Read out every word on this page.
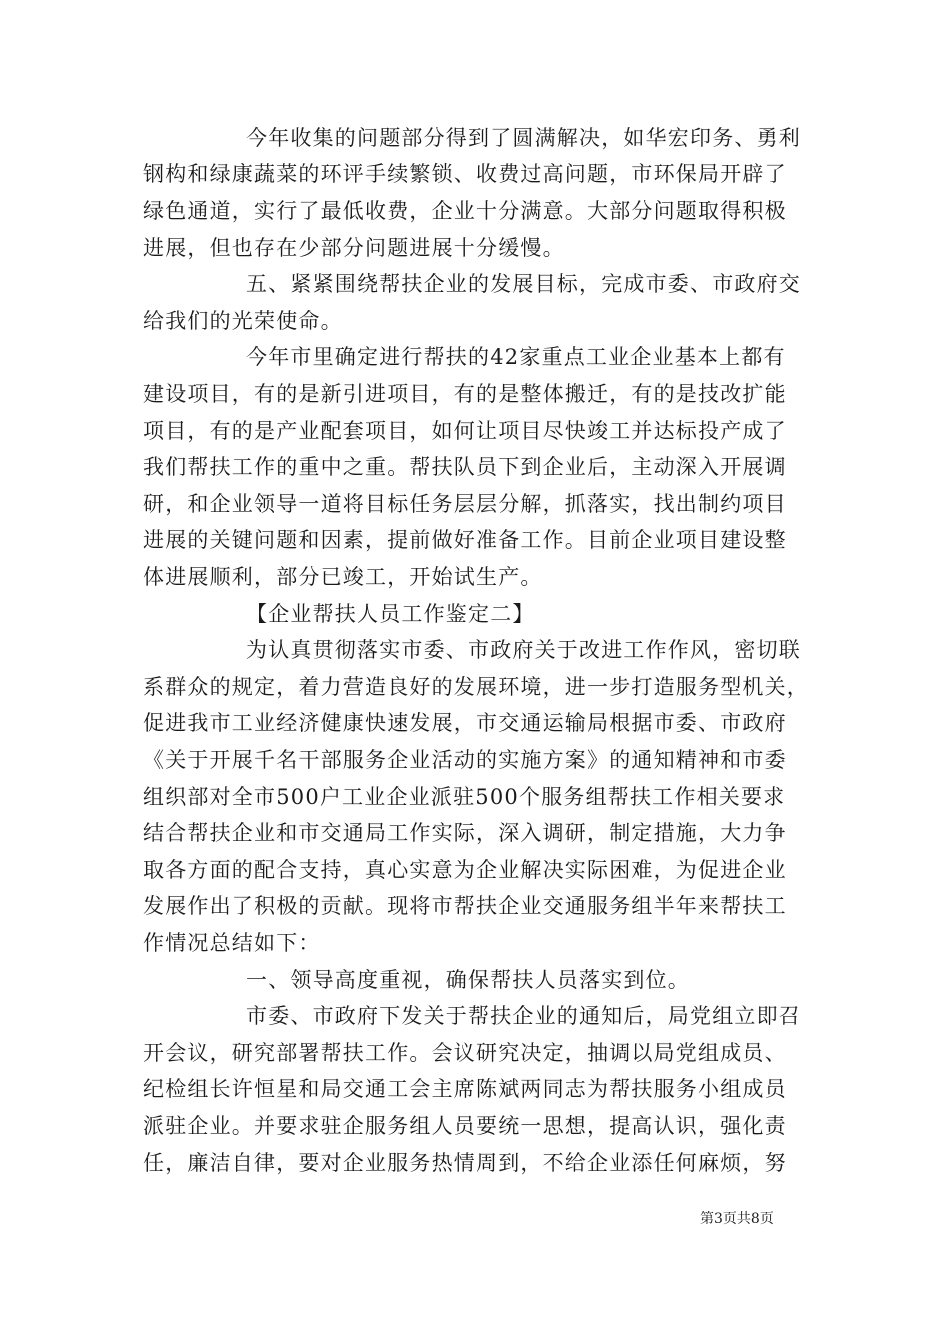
今年收集的问题部分得到了圆满解决，如华宏印务、勇利
钢构和绿康蔬菜的环评手续繁锁、收费过高问题，市环保局开辟了
绿色通道，实行了最低收费，企业十分满意。大部分问题取得积极
进展，但也存在少部分问题进展十分缓慢。
五、紧紧围绕帮扶企业的发展目标，完成市委、市政府交
给我们的光荣使命。
今年市里确定进行帮扶的42家重点工业企业基本上都有
建设项目，有的是新引进项目，有的是整体搬迁，有的是技改扩能
项目，有的是产业配套项目，如何让项目尽快竣工并达标投产成了
我们帮扶工作的重中之重。帮扶队员下到企业后，主动深入开展调
研，和企业领导一道将目标任务层层分解，抓落实，找出制约项目
进展的关键问题和因素，提前做好准备工作。目前企业项目建设整
体进展顺利，部分已竣工，开始试生产。
【企业帮扶人员工作鉴定二】
为认真贯彻落实市委、市政府关于改进工作作风，密切联
系群众的规定，着力营造良好的发展环境，进一步打造服务型机关，
促进我市工业经济健康快速发展，市交通运输局根据市委、市政府
《关于开展千名干部服务企业活动的实施方案》的通知精神和市委
组织部对全市500户工业企业派驻500个服务组帮扶工作相关要求
结合帮扶企业和市交通局工作实际，深入调研，制定措施，大力争
取各方面的配合支持，真心实意为企业解决实际困难，为促进企业
发展作出了积极的贡献。现将市帮扶企业交通服务组半年来帮扶工
作情况总结如下：
一、领导高度重视，确保帮扶人员落实到位。
市委、市政府下发关于帮扶企业的通知后，局党组立即召
开会议，研究部署帮扶工作。会议研究决定，抽调以局党组成员、
纪检组长许恒星和局交通工会主席陈斌两同志为帮扶服务小组成员
派驻企业。并要求驻企服务组人员要统一思想，提高认识，强化责
任，廉洁自律，要对企业服务热情周到，不给企业添任何麻烦，努
第3页共8页
